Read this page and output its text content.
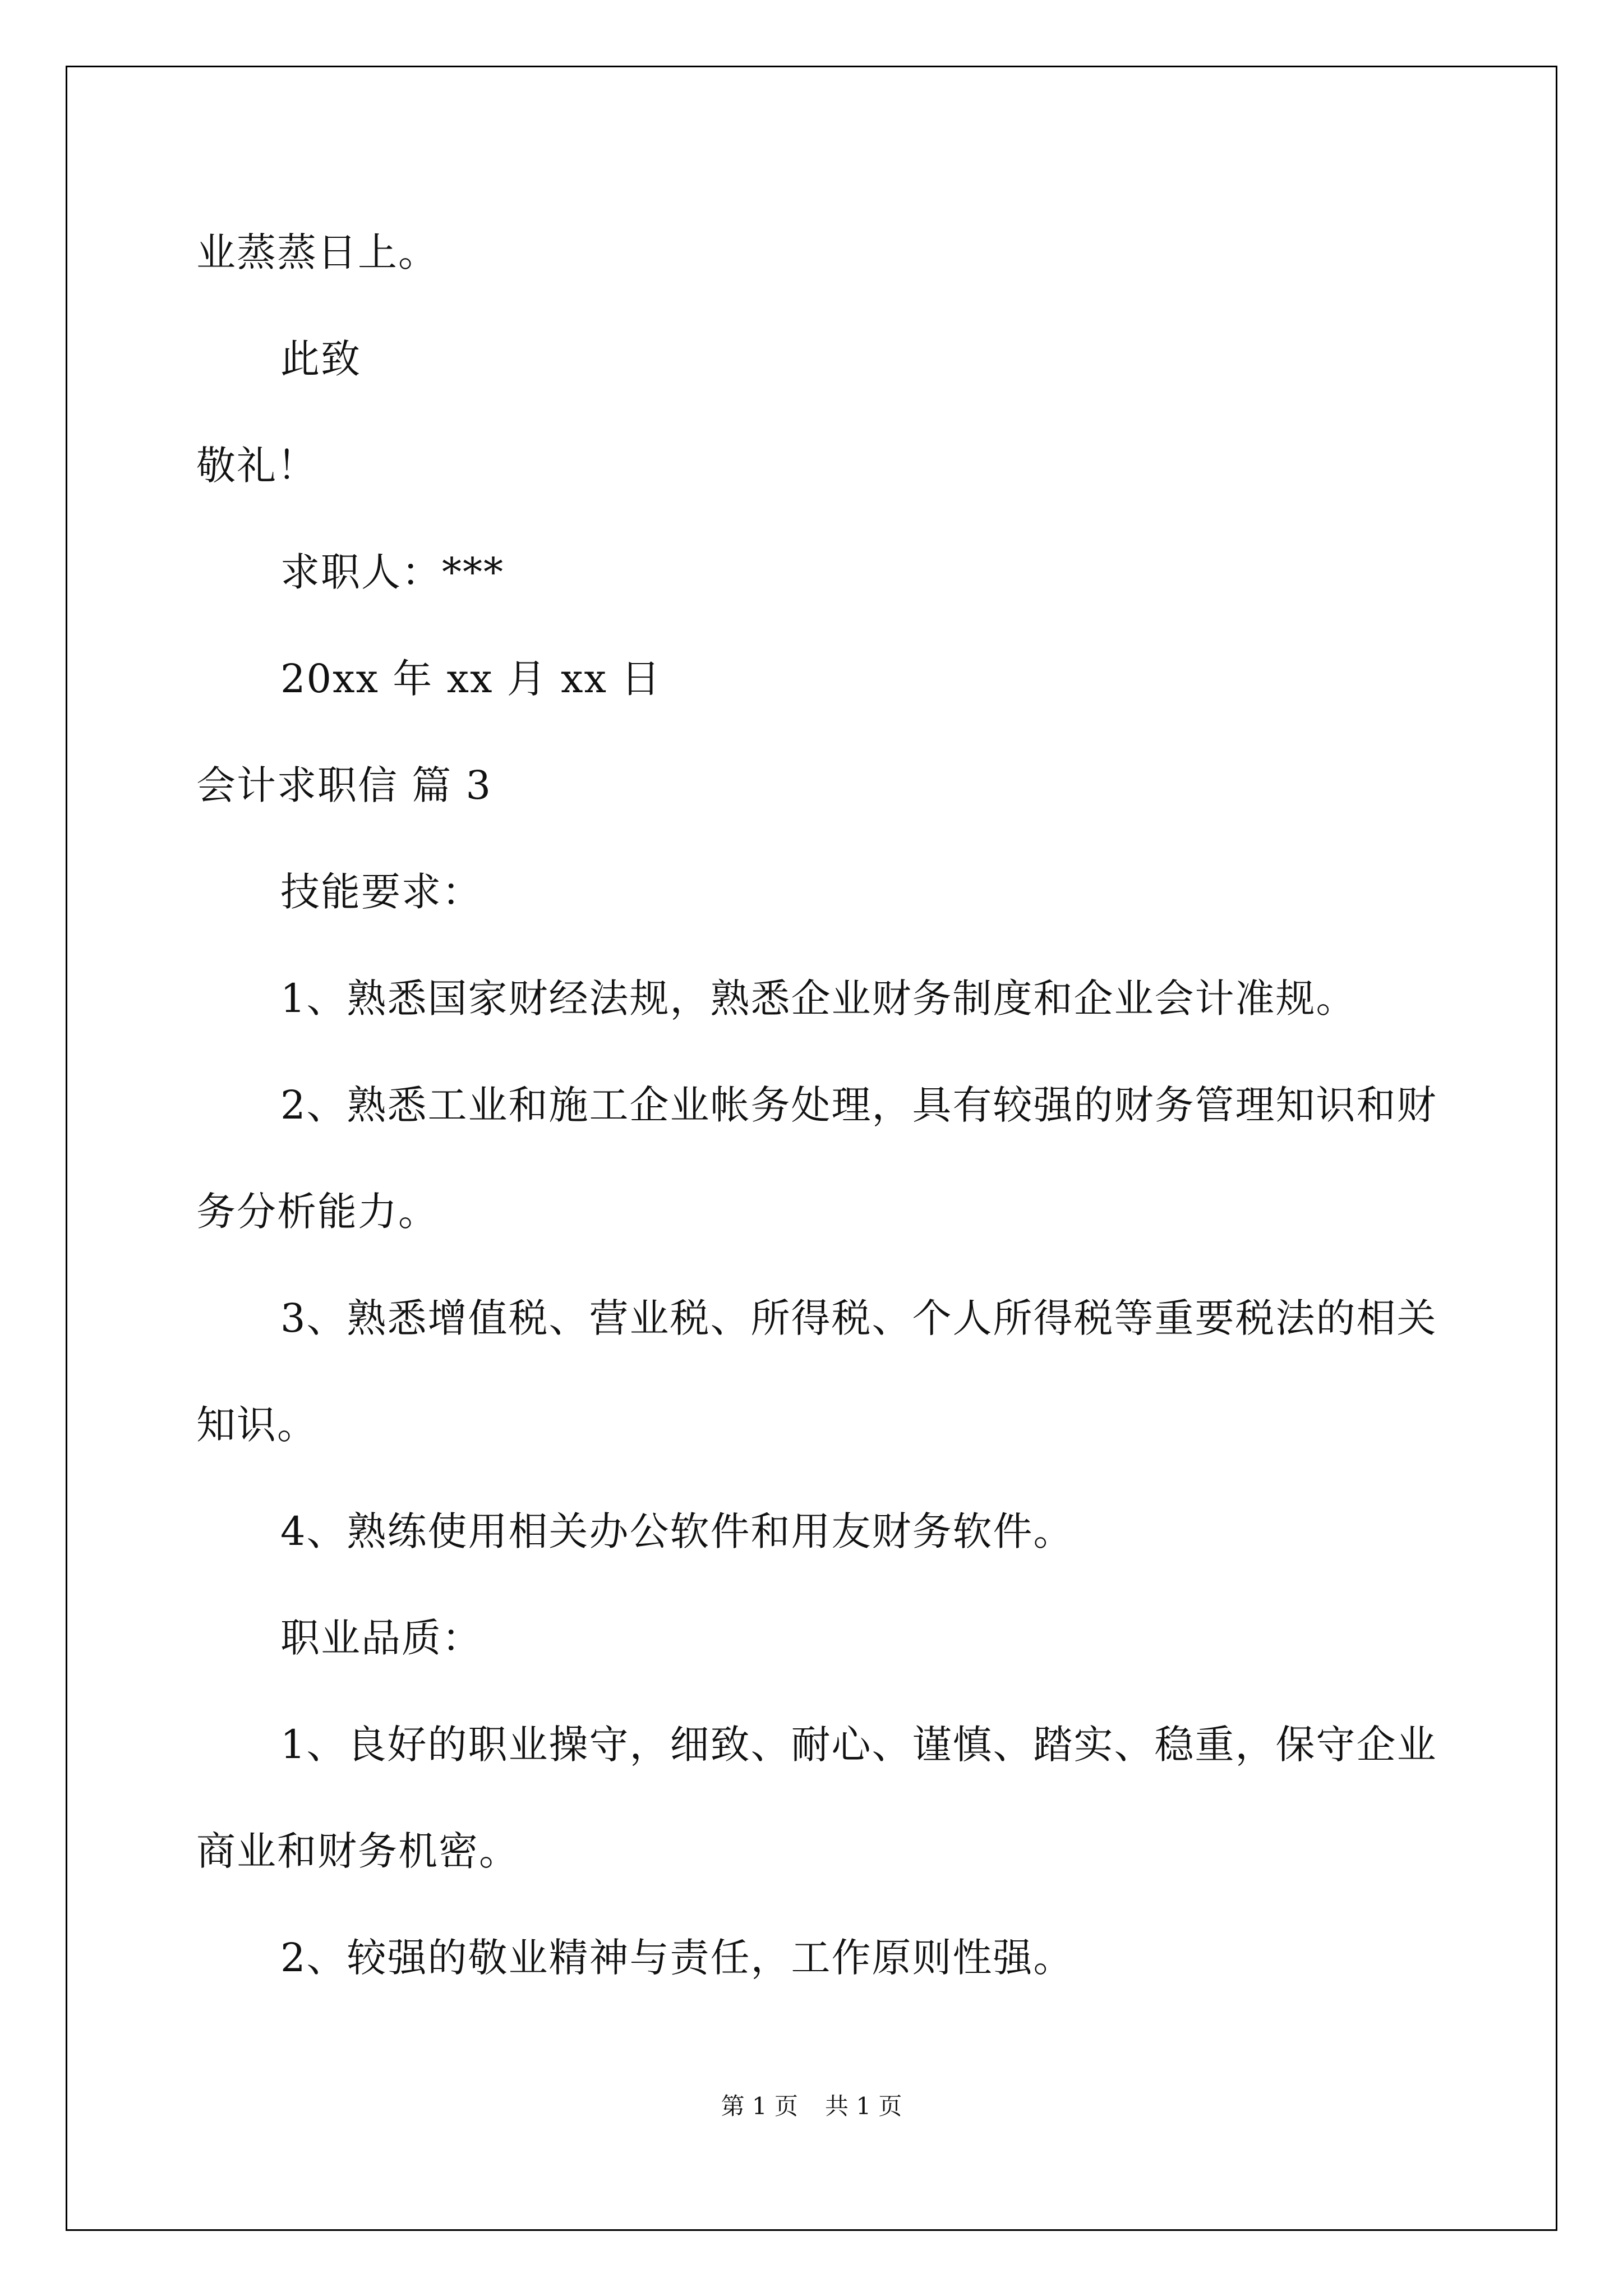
业蒸蒸日上。
此致
敬礼！
求职人：***
20xx 年 xx 月 xx 日
会计求职信 篇 3
技能要求：
1、熟悉国家财经法规，熟悉企业财务制度和企业会计准规。
2、熟悉工业和施工企业帐务处理，具有较强的财务管理知识和财
务分析能力。
3、熟悉增值税、营业税、所得税、个人所得税等重要税法的相关
知识。
4、熟练使用相关办公软件和用友财务软件。
职业品质：
1、良好的职业操守，细致、耐心、谨慎、踏实、稳重，保守企业
商业和财务机密。
2、较强的敬业精神与责任，工作原则性强。
第 1 页 共 1 页
